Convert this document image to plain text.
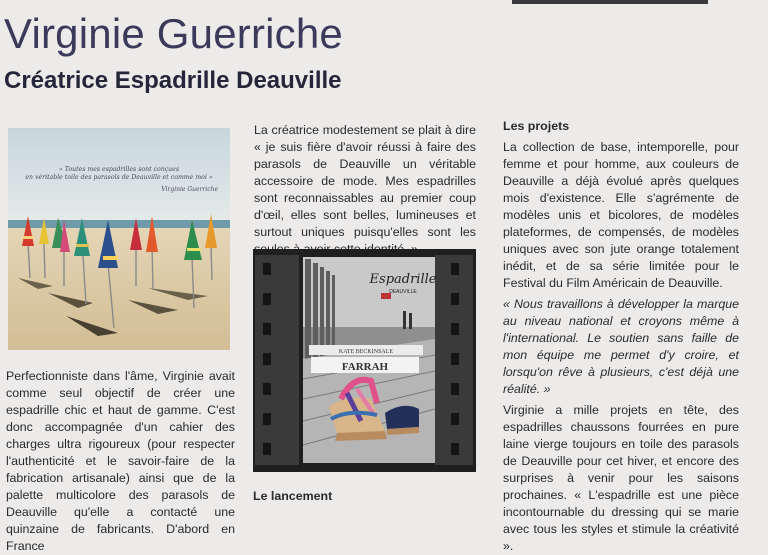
Virginie Guerriche
Créatrice Espadrille Deauville
« Toutes mes espadrilles sont conçues
en véritable toile des parasols de Deauville et comme moi »
Virginie Guerriche

Perfectionniste dans l'âme, Virginie avait comme seul objectif de créer une espadrille chic et haut de gamme. C'est donc accompagnée d'un cahier des charges ultra rigoureux (pour respecter l'authenticité et le savoir-faire de la fabrication artisanale) ainsi que de la palette multicolore des parasols de Deauville qu'elle a contacté une quinzaine de fabricants. D'abord en France

La créatrice modestement se plait à dire « je suis fière d'avoir réussi à faire des parasols de Deauville un véritable accessoire de mode. Mes espadrilles sont reconnaissables au premier coup d'œil, elles sont belles, lumineuses et surtout uniques puisqu'elles sont les

Espadrille
DEAUVILLE
KATE BECKINSALE
FARRAH
Le lancement
Les projets

La collection de base, intemporelle, pour femme et pour homme, aux couleurs de Deauville a déjà évolué après quelques mois d'existence. Elle s'agrémente de modèles unis et bicolores, de modèles plateformes, de compensés, de modèles uniques avec son jute orange totalement inédit, et de sa série limitée pour le Festival du Film Américain de Deauville.

« Nous travaillons à développer la marque au niveau national et croyons même à l'international. Le soutien sans faille de mon équipe me permet d'y croire, et lorsqu'on rêve à plusieurs, c'est déjà une réalité. »

Virginie a mille projets en tête, des espadrilles chaussons fourrées en pure laine vierge toujours en toile des parasols de Deauville pour cet hiver, et encore des surprises à venir pour les saisons prochaines. « L'espadrille est une pièce incontournable du dressing qui se marie avec tous les styles et stimule la créativité ».
